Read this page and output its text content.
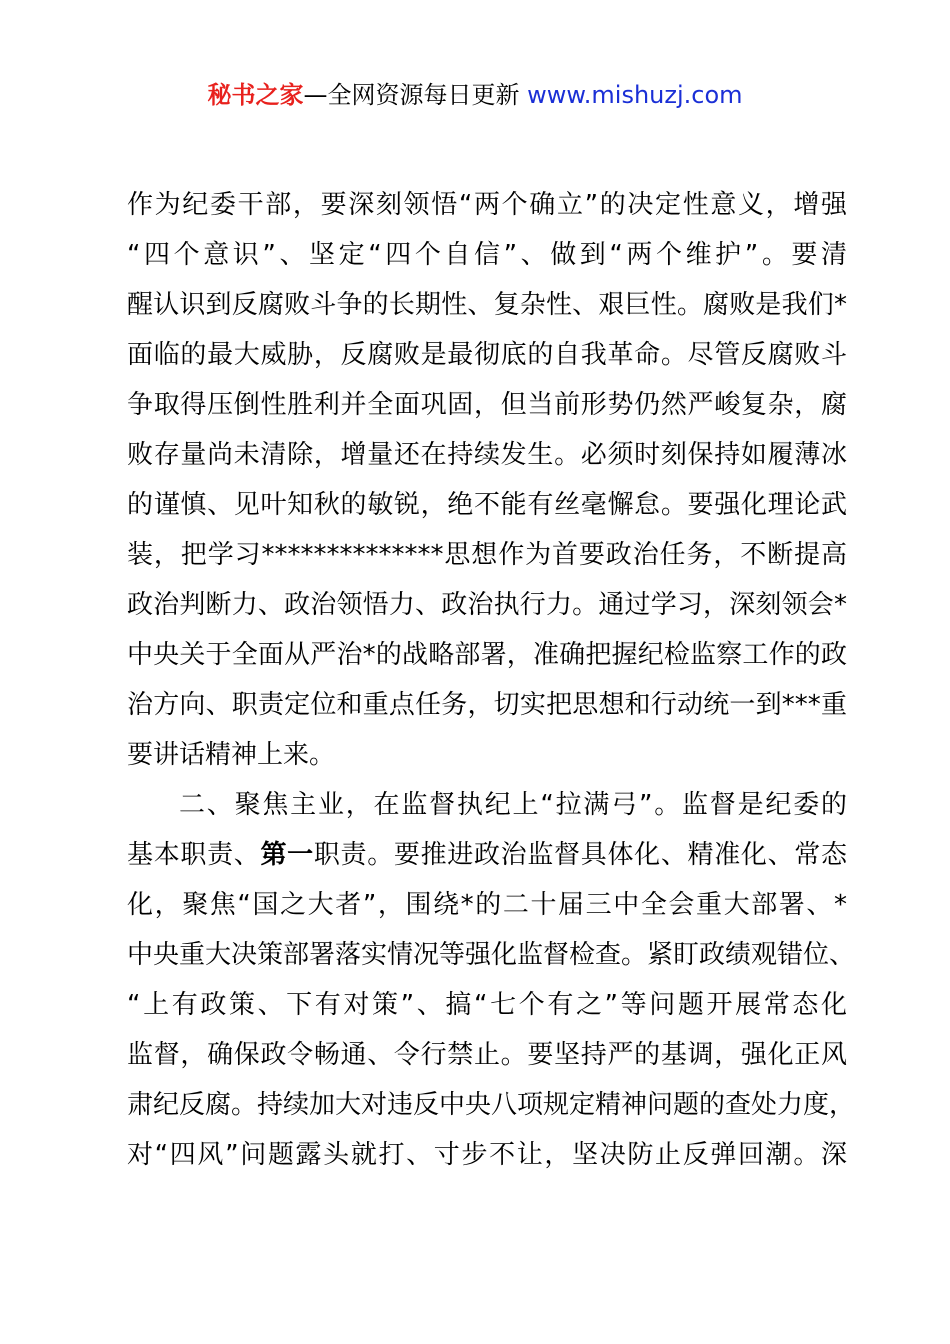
秘书之家—全网资源每日更新 www.mishuzj.com
作为纪委干部，要深刻领悟“两个确立”的决定性意义，增强
“四个意识”、坚定“四个自信”、做到“两个维护”。要清
醒认识到反腐败斗争的长期性、复杂性、艰巨性。腐败是我们*
面临的最大威胁，反腐败是最彻底的自我革命。尽管反腐败斗
争取得压倒性胜利并全面巩固，但当前形势仍然严峻复杂，腐
败存量尚未清除，增量还在持续发生。必须时刻保持如履薄冰
的谨慎、见叶知秋的敏锐，绝不能有丝毫懈怠。要强化理论武
装，把学习**************思想作为首要政治任务，不断提高
政治判断力、政治领悟力、政治执行力。通过学习，深刻领会*
中央关于全面从严治*的战略部署，准确把握纪检监察工作的政
治方向、职责定位和重点任务，切实把思想和行动统一到***重
要讲话精神上来。
二、聚焦主业，在监督执纪上“拉满弓”。监督是纪委的
基本职责、第一职责。要推进政治监督具体化、精准化、常态
化，聚焦“国之大者”，围绕*的二十届三中全会重大部署、*
中央重大决策部署落实情况等强化监督检查。紧盯政绩观错位、
“上有政策、下有对策”、搞“七个有之”等问题开展常态化
监督，确保政令畅通、令行禁止。要坚持严的基调，强化正风
肃纪反腐。持续加大对违反中央八项规定精神问题的查处力度，
对“四风”问题露头就打、寸步不让，坚决防止反弹回潮。深
